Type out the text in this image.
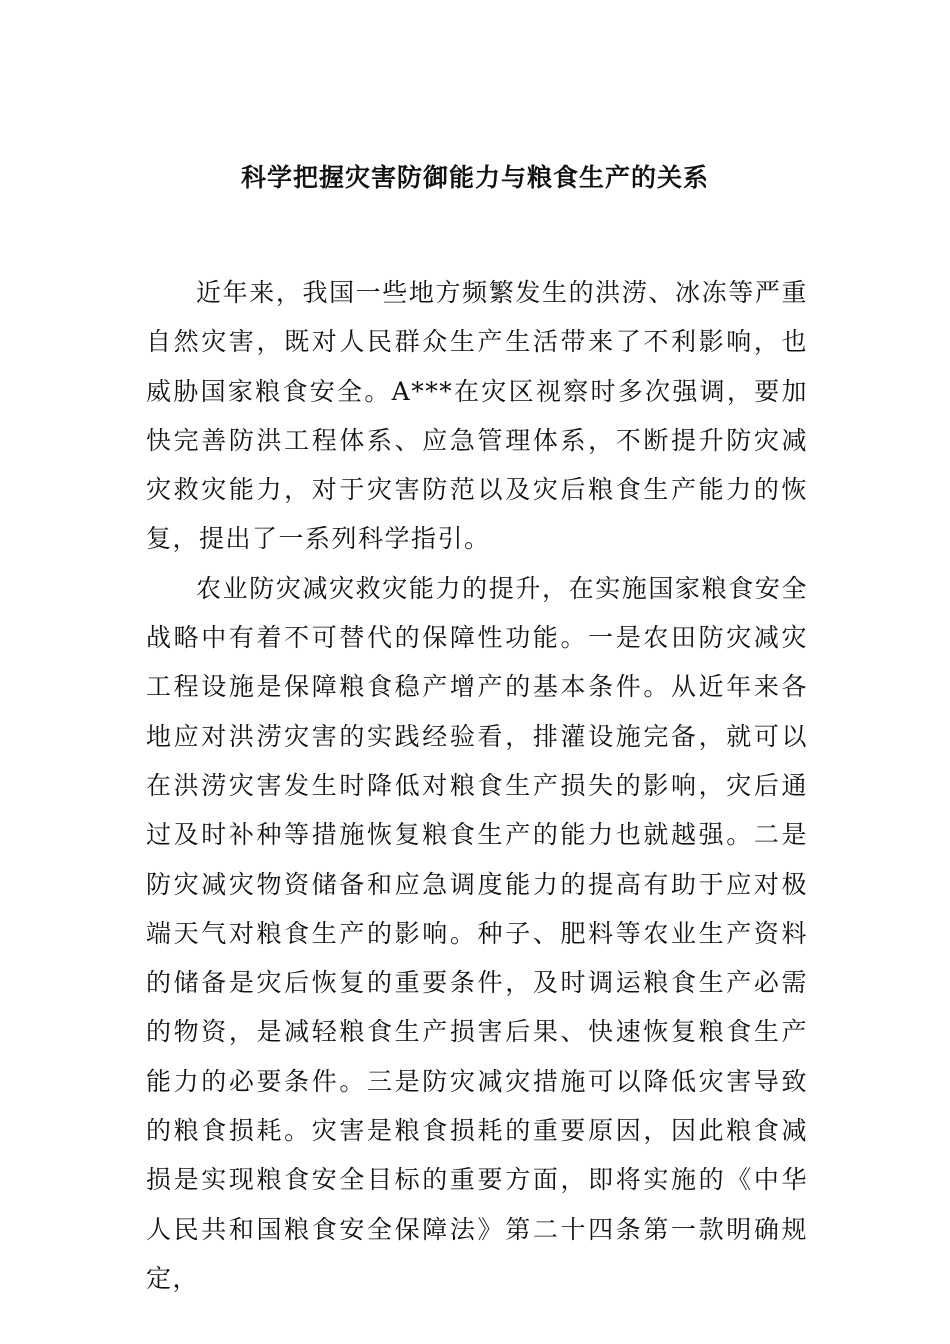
科学把握灾害防御能力与粮食生产的关系

近年来，我国一些地方频繁发生的洪涝、冰冻等严重自然灾害，既对人民群众生产生活带来了不利影响，也威胁国家粮食安全。A***在灾区视察时多次强调，要加快完善防洪工程体系、应急管理体系，不断提升防灾减灾救灾能力，对于灾害防范以及灾后粮食生产能力的恢复，提出了一系列科学指引。

农业防灾减灾救灾能力的提升，在实施国家粮食安全战略中有着不可替代的保障性功能。一是农田防灾减灾工程设施是保障粮食稳产增产的基本条件。从近年来各地应对洪涝灾害的实践经验看，排灌设施完备，就可以在洪涝灾害发生时降低对粮食生产损失的影响，灾后通过及时补种等措施恢复粮食生产的能力也就越强。二是防灾减灾物资储备和应急调度能力的提高有助于应对极端天气对粮食生产的影响。种子、肥料等农业生产资料的储备是灾后恢复的重要条件，及时调运粮食生产必需的物资，是减轻粮食生产损害后果、快速恢复粮食生产能力的必要条件。三是防灾减灾措施可以降低灾害导致的粮食损耗。灾害是粮食损耗的重要原因，因此粮食减损是实现粮食安全目标的重要方面，即将实施的《中华人民共和国粮食安全保障法》第二十四条第一款明确规定，
